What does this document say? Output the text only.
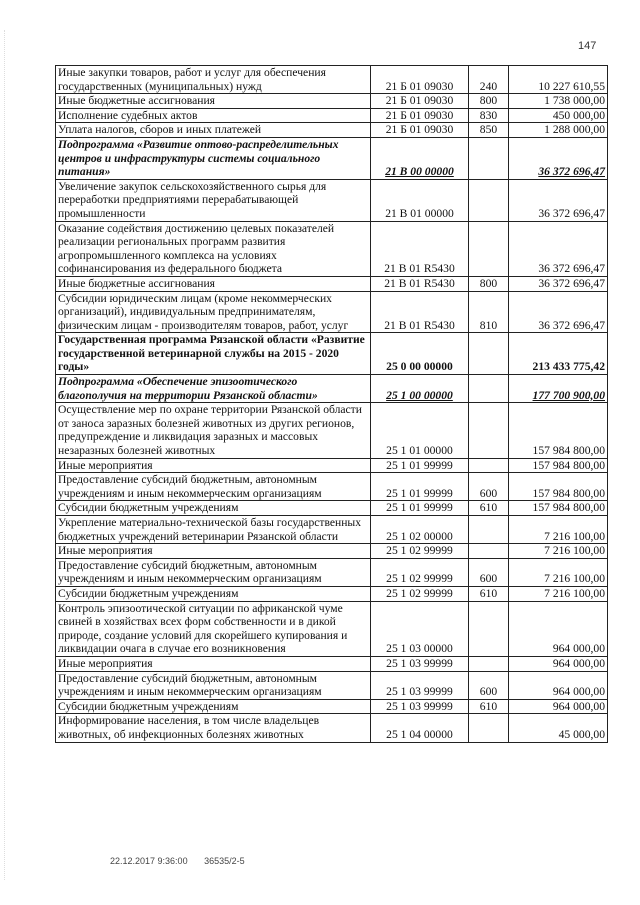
147
Иные закупки товаров, работ и услуг для обеспечения государственных (муниципальных) нужд	21 Б 01 09030	240	10 227 610,55
Иные бюджетные ассигнования	21 Б 01 09030	800	1 738 000,00
Исполнение судебных актов	21 Б 01 09030	830	450 000,00
Уплата налогов, сборов и иных платежей	21 Б 01 09030	850	1 288 000,00
Подпрограмма «Развитие оптово-распределительных центров и инфраструктуры системы социального питания»	21 В 00 00000		36 372 696,47
Увеличение закупок сельскохозяйственного сырья для переработки предприятиями перерабатывающей промышленности	21 В 01 00000		36 372 696,47
Оказание содействия достижению целевых показателей реализации региональных программ развития агропромышленного комплекса на условиях софинансирования из федерального бюджета	21 В 01 R5430		36 372 696,47
Иные бюджетные ассигнования	21 В 01 R5430	800	36 372 696,47
Субсидии юридическим лицам (кроме некоммерческих организаций), индивидуальным предпринимателям, физическим лицам - производителям товаров, работ, услуг	21 В 01 R5430	810	36 372 696,47
Государственная программа Рязанской области «Развитие государственной ветеринарной службы на 2015 - 2020 годы»	25 0 00 00000		213 433 775,42
Подпрограмма «Обеспечение эпизоотического благополучия на территории Рязанской области»	25 1 00 00000		177 700 900,00
Осуществление мер по охране территории Рязанской области от заноса заразных болезней животных из других регионов, предупреждение и ликвидация заразных и массовых незаразных болезней животных	25 1 01 00000		157 984 800,00
Иные мероприятия	25 1 01 99999		157 984 800,00
Предоставление субсидий бюджетным, автономным учреждениям и иным некоммерческим организациям	25 1 01 99999	600	157 984 800,00
Субсидии бюджетным учреждениям	25 1 01 99999	610	157 984 800,00
Укрепление материально-технической базы государственных бюджетных учреждений ветеринарии Рязанской области	25 1 02 00000		7 216 100,00
Иные мероприятия	25 1 02 99999		7 216 100,00
Предоставление субсидий бюджетным, автономным учреждениям и иным некоммерческим организациям	25 1 02 99999	600	7 216 100,00
Субсидии бюджетным учреждениям	25 1 02 99999	610	7 216 100,00
Контроль эпизоотической ситуации по африканской чуме свиней в хозяйствах всех форм собственности и в дикой природе, создание условий для скорейшего купирования и ликвидации очага в случае его возникновения	25 1 03 00000		964 000,00
Иные мероприятия	25 1 03 99999		964 000,00
Предоставление субсидий бюджетным, автономным учреждениям и иным некоммерческим организациям	25 1 03 99999	600	964 000,00
Субсидии бюджетным учреждениям	25 1 03 99999	610	964 000,00
Информирование населения, в том числе владельцев животных, об инфекционных болезнях животных	25 1 04 00000		45 000,00
22.12.2017 9:36:00 36535/2-5
